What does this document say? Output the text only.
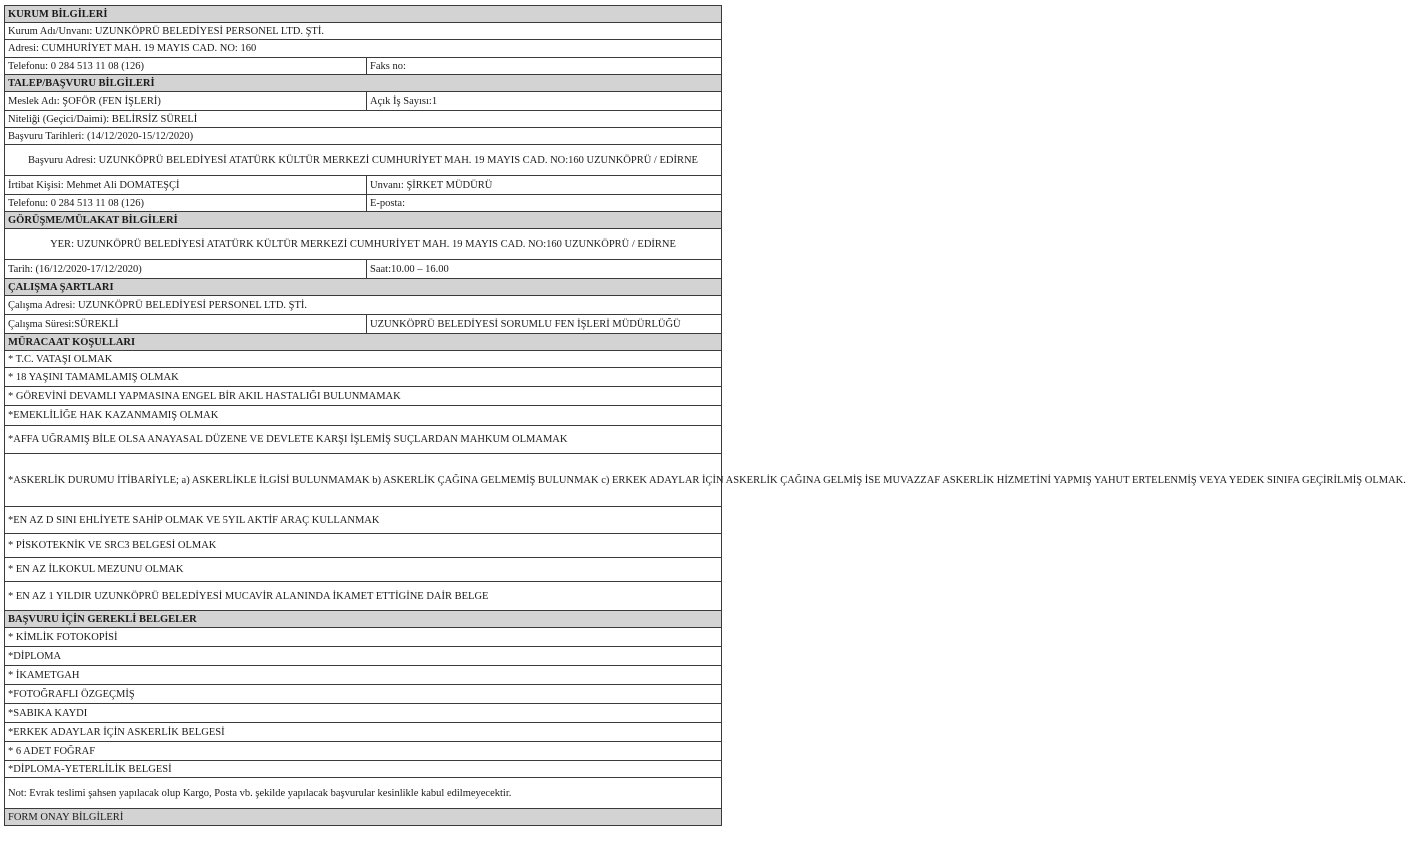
KURUM BİLGİLERİ	
Kurum Adı/Unvanı: UZUNKÖPRÜ BELEDİYESİ PERSONEL LTD. ŞTİ.	
Adresi: CUMHURİYET MAH. 19 MAYIS CAD. NO: 160	
Telefonu: 0 284 513 11 08 (126)	Faks no:
TALEP/BAŞVURU BİLGİLERİ	
Meslek Adı: ŞOFÖR (FEN İŞLERİ)	Açık İş Sayısı:1
Niteliği (Geçici/Daimi): BELİRSİZ SÜRELİ	
Başvuru Tarihleri: (14/12/2020-15/12/2020)	
Başvuru Adresi: UZUNKÖPRÜ BELEDİYESİ ATATÜRK KÜLTÜR MERKEZİ CUMHURİYET MAH. 19 MAYIS CAD. NO:160 UZUNKÖPRÜ / EDİRNE	
İrtibat Kişisi: Mehmet Ali DOMATEŞÇİ	Unvanı: ŞİRKET MÜDÜRÜ
Telefonu: 0 284 513 11 08 (126)	E-posta:
GÖRÜŞME/MÜLAKAT BİLGİLERİ	
YER: UZUNKÖPRÜ BELEDİYESİ ATATÜRK KÜLTÜR MERKEZİ CUMHURİYET MAH. 19 MAYIS CAD. NO:160 UZUNKÖPRÜ / EDİRNE	
Tarih: (16/12/2020-17/12/2020)	Saat:10.00 – 16.00
ÇALIŞMA ŞARTLARI	
Çalışma Adresi: UZUNKÖPRÜ BELEDİYESİ PERSONEL LTD. ŞTİ.	
Çalışma Süresi:SÜREKLİ	UZUNKÖPRÜ BELEDİYESİ SORUMLU FEN İŞLERİ MÜDÜRLÜĞÜ
MÜRACAAT KOŞULLARI	
* T.C. VATAŞI OLMAK	
* 18 YAŞINI TAMAMLAMIŞ OLMAK	
* GÖREVİNİ DEVAMLI YAPMASINA ENGEL BİR AKIL HASTALIĞI BULUNMAMAK	
*EMEKLİLİĞE HAK KAZANMAMIŞ OLMAK	
*AFFA UĞRAMIŞ BİLE OLSA ANAYASAL DÜZENE VE DEVLETE KARŞI İŞLEMİŞ SUÇLARDAN MAHKUM OLMAMAK	
*ASKERLİK DURUMU İTİBARİYLE; a) ASKERLİKLE İLGİSİ BULUNMAMAK b) ASKERLİK ÇAĞINA GELMEMİŞ BULUNMAK c) ERKEK ADAYLAR İÇİN ASKERLİK ÇAĞINA GELMİŞ İSE MUVAZZAF ASKERLİK HİZMETİNİ YAPMIŞ YAHUT ERTELENMİŞ VEYA YEDEK SINIFA GEÇİRİLMİŞ OLMAK.	
*EN AZ D SINI EHLİYETE SAHİP OLMAK VE 5YIL AKTİF ARAÇ KULLANMAK	
* PİSKOTEKNİK VE SRC3 BELGESİ OLMAK	
* EN AZ İLKOKUL MEZUNU OLMAK	
* EN AZ 1 YILDIR UZUNKÖPRÜ BELEDİYESİ MUCAVİR ALANINDA İKAMET ETTİGİNE DAİR BELGE	
BAŞVURU İÇİN GEREKLİ BELGELER	
* KİMLİK FOTOKOPİSİ	
*DİPLOMA	
* İKAMETGAH	
*FOTOĞRAFLI ÖZGEÇMİŞ	
*SABIKA KAYDI	
*ERKEK ADAYLAR İÇİN ASKERLİK BELGESİ	
* 6 ADET FOĞRAF	
*DİPLOMA-YETERLİLİK BELGESİ	
Not: Evrak teslimi şahsen yapılacak olup Kargo, Posta vb. şekilde yapılacak başvurular kesinlikle kabul edilmeyecektir.	
FORM ONAY BİLGİLERİ	
